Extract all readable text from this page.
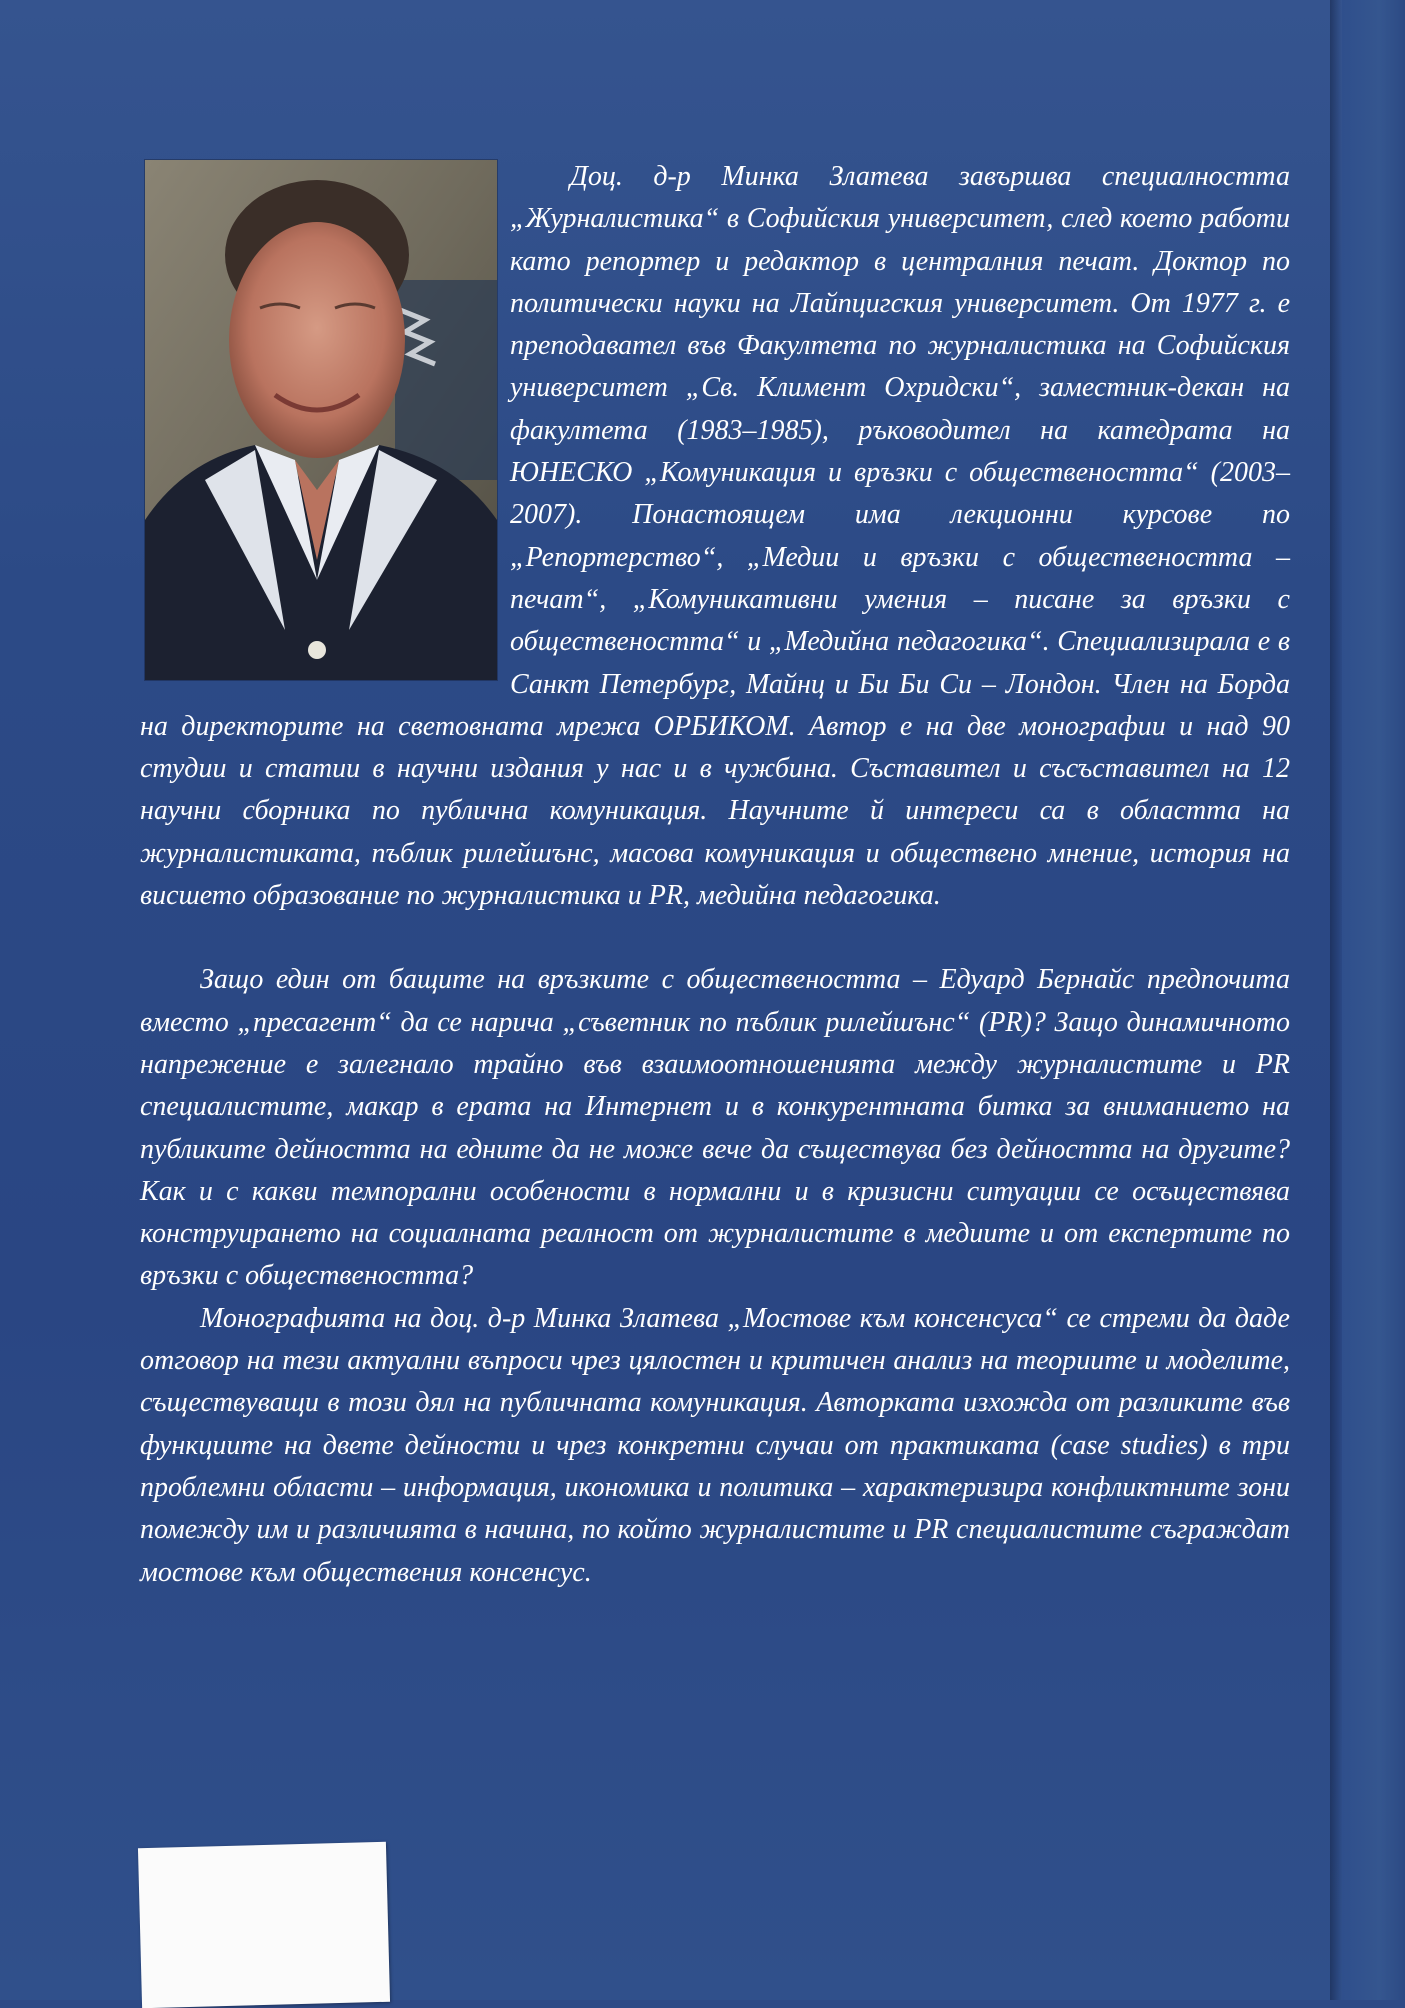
Доц. д-р Минка Златева завършва специалността „Журналистика“ в Софийския университет, след което работи като репортер и редактор в централния печат. Доктор по политически науки на Лайпцигския университет. От 1977 г. е преподавател във Факултета по журналистика на Софийския университет „Св. Климент Охридски“, заместник-декан на факултета (1983–1985), ръководител на катедрата на ЮНЕСКО „Комуникация и връзки с обществеността“ (2003–2007). Понастоящем има лекционни курсове по „Репортерство“, „Медии и връзки с обществеността – печат“, „Комуникативни умения – писане за връзки с обществеността“ и „Медийна педагогика“. Специализирала е в Санкт Петербург, Майнц и Би Би Си – Лондон. Член на Борда на директорите на световната мрежа ОРБИКОМ. Автор е на две монографии и над 90 студии и статии в научни издания у нас и в чужбина. Съставител и съсъставител на 12 научни сборника по публична комуникация. Научните й интереси са в областта на журналистиката, пъблик рилейшънс, масова комуникация и обществено мнение, история на висшето образование по журналистика и PR, медийна педагогика.

Защо един от бащите на връзките с обществеността – Едуард Бернайс предпочита вместо „пресагент“ да се нарича „съветник по пъблик рилейшънс“ (PR)? Защо динамичното напрежение е залегнало трайно във взаимоотношенията между журналистите и PR специалистите, макар в ерата на Интернет и в конкурентната битка за вниманието на публиките дейността на едните да не може вече да съществува без дейността на другите? Как и с какви темпорални особености в нормални и в кризисни ситуации се осъществява конструирането на социалната реалност от журналистите в медиите и от експертите по връзки с обществеността?

Монографията на доц. д-р Минка Златева „Мостове към консенсуса“ се стреми да даде отговор на тези актуални въпроси чрез цялостен и критичен анализ на теориите и моделите, съществуващи в този дял на публичната комуникация. Авторката изхожда от разликите във функциите на двете дейности и чрез конкретни случаи от практиката (case studies) в три проблемни области – информация, икономика и политика – характеризира конфликтните зони помежду им и различията в начина, по който журналистите и PR специалистите съграждат мостове към обществения консенсус.
